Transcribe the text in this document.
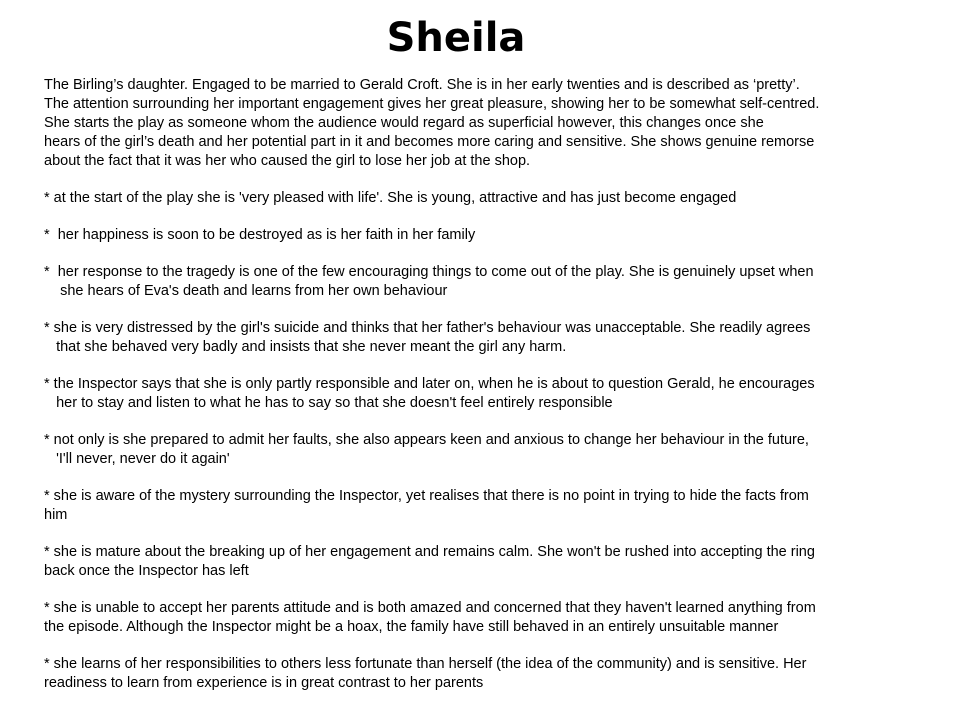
Sheila
The Birling’s daughter. Engaged to be married to Gerald Croft. She is in her early twenties and is described as ‘pretty’.
The attention surrounding her important engagement gives her great pleasure, showing her to be somewhat self-centred.
She starts the play as someone whom the audience would regard as superficial however, this changes once she
hears of the girl’s death and her potential part in it and becomes more caring and sensitive. She shows genuine remorse
about the fact that it was her who caused the girl to lose her job at the shop.
* at the start of the play she is 'very pleased with life'. She is young, attractive and has just become engaged
*  her happiness is soon to be destroyed as is her faith in her family
*  her response to the tragedy is one of the few encouraging things to come out of the play. She is genuinely upset when
she hears of Eva's death and learns from her own behaviour
* she is very distressed by the girl's suicide and thinks that her father's behaviour was unacceptable. She readily agrees
that she behaved very badly and insists that she never meant the girl any harm.
* the Inspector says that she is only partly responsible and later on, when he is about to question Gerald, he encourages
her to stay and listen to what he has to say so that she doesn't feel entirely responsible
* not only is she prepared to admit her faults, she also appears keen and anxious to change her behaviour in the future,
'I'll never, never do it again'
* she is aware of the mystery surrounding the Inspector, yet realises that there is no point in trying to hide the facts from
him
* she is mature about the breaking up of her engagement and remains calm. She won't be rushed into accepting the ring
back once the Inspector has left
* she is unable to accept her parents attitude and is both amazed and concerned that they haven't learned anything from
the episode. Although the Inspector might be a hoax, the family have still behaved in an entirely unsuitable manner
* she learns of her responsibilities to others less fortunate than herself (the idea of the community) and is sensitive. Her
readiness to learn from experience is in great contrast to her parents
